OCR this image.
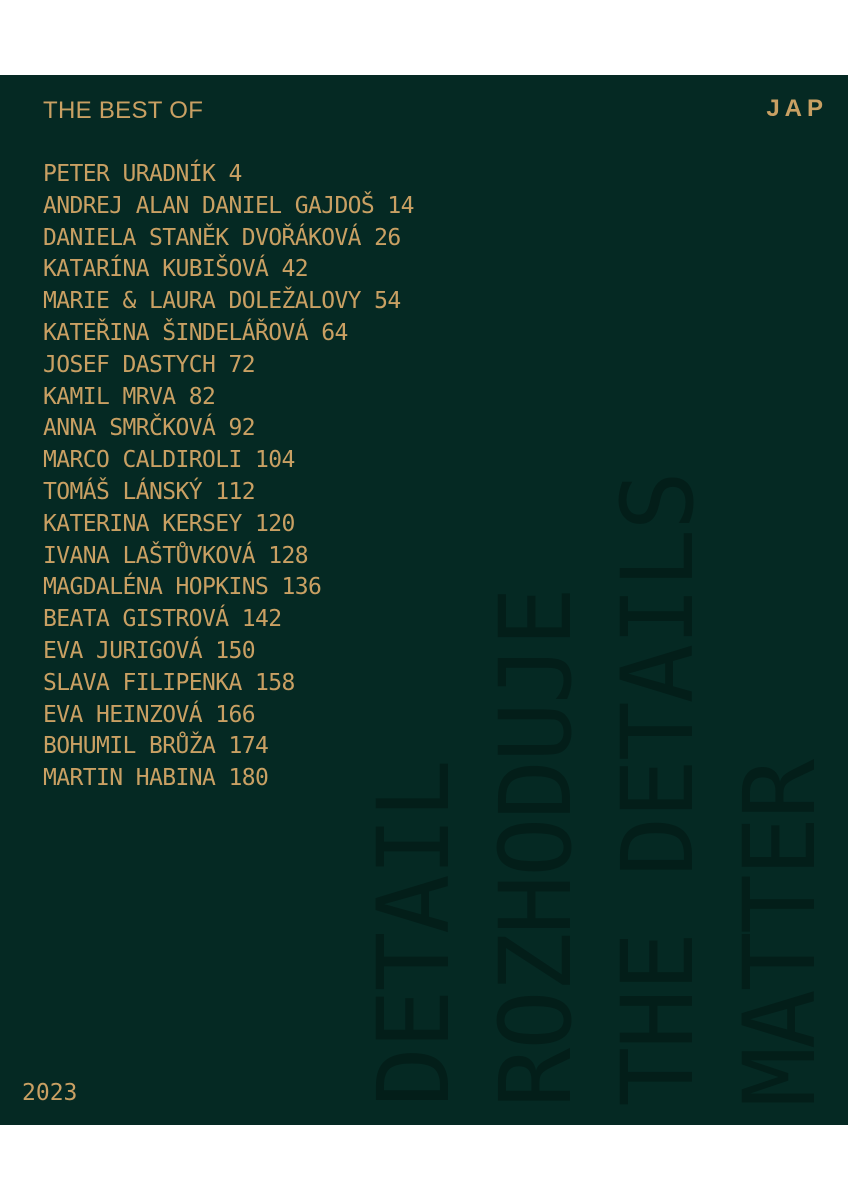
THE BEST OF	JAP
PETER URADNÍK 4
ANDREJ ALAN DANIEL GAJDOŠ 14
DANIELA STANĚK DVOŘÁKOVÁ 26
KATARÍNA KUBIŠOVÁ 42
MARIE & LAURA DOLEŽALOVY 54
KATEŘINA ŠINDELÁŘOVÁ 64
JOSEF DASTYCH 72
KAMIL MRVA 82
ANNA SMRČKOVÁ 92
MARCO CALDIROLI 104
TOMÁŠ LÁNSKÝ 112
KATERINA KERSEY 120
IVANA LAŠTŮVKOVÁ 128
MAGDALÉNA HOPKINS 136
BEATA GISTROVÁ 142
EVA JURIGOVÁ 150
SLAVA FILIPENKA 158
EVA HEINZOVÁ 166
BOHUMIL BRŮŽA 174
MARTIN HABINA 180 DETAIL ROZHODUJE THE DETAILS MATTER
2023
